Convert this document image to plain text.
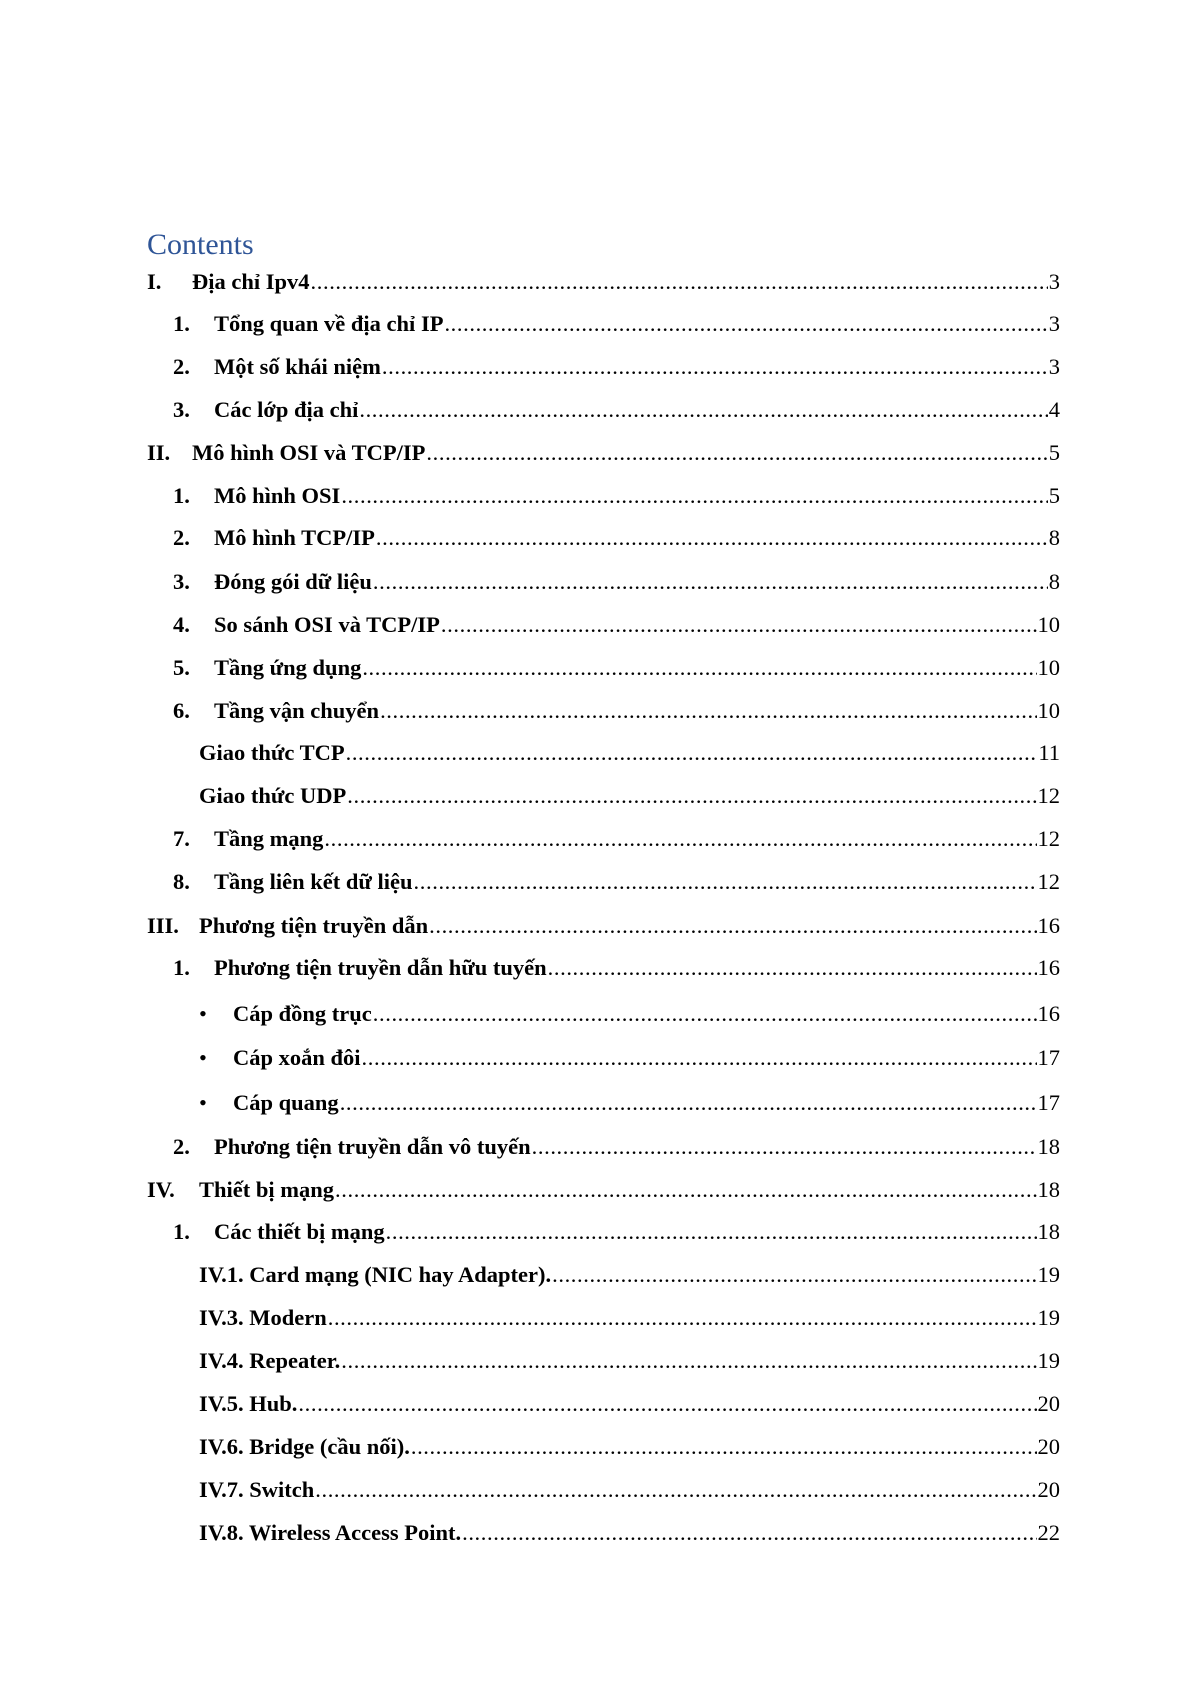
Contents
I.	Địa chỉ Ipv4 .....	3
1.	Tổng quan về địa chỉ IP .....	3
2.	Một số khái niệm .....	3
3.	Các lớp địa chỉ .....	4
II. Mô hình OSI và TCP/IP .....	5
1.	Mô hình OSI .....	5
2.	Mô hình TCP/IP .....	8
3.	Đóng gói dữ liệu .....	8
4.	So sánh OSI và TCP/IP .....	10
5.	Tầng ứng dụng .....	10
6.	Tầng vận chuyển .....	10
Giao thức TCP .....	11
Giao thức UDP .....	12
7.	Tầng mạng .....	12
8.	Tầng liên kết dữ liệu .....	12
III. Phương tiện truyền dẫn .....	16
1.	Phương tiện truyền dẫn hữu tuyến .....	16
•	Cáp đồng trục .....	16
•	Cáp xoắn đôi .....	17
•	Cáp quang .....	17
2.	Phương tiện truyền dẫn vô tuyến .....	18
IV.	Thiết bị mạng .....	18
1.	Các thiết bị mạng .....	18
IV.1. Card mạng (NIC hay Adapter). .....	19
IV.3. Modern .....	19
IV.4. Repeater. .....	19
IV.5. Hub. .....	20
IV.6. Bridge (cầu nối). .....	20
IV.7. Switch .....	20
IV.8. Wireless Access Point. .....	22
